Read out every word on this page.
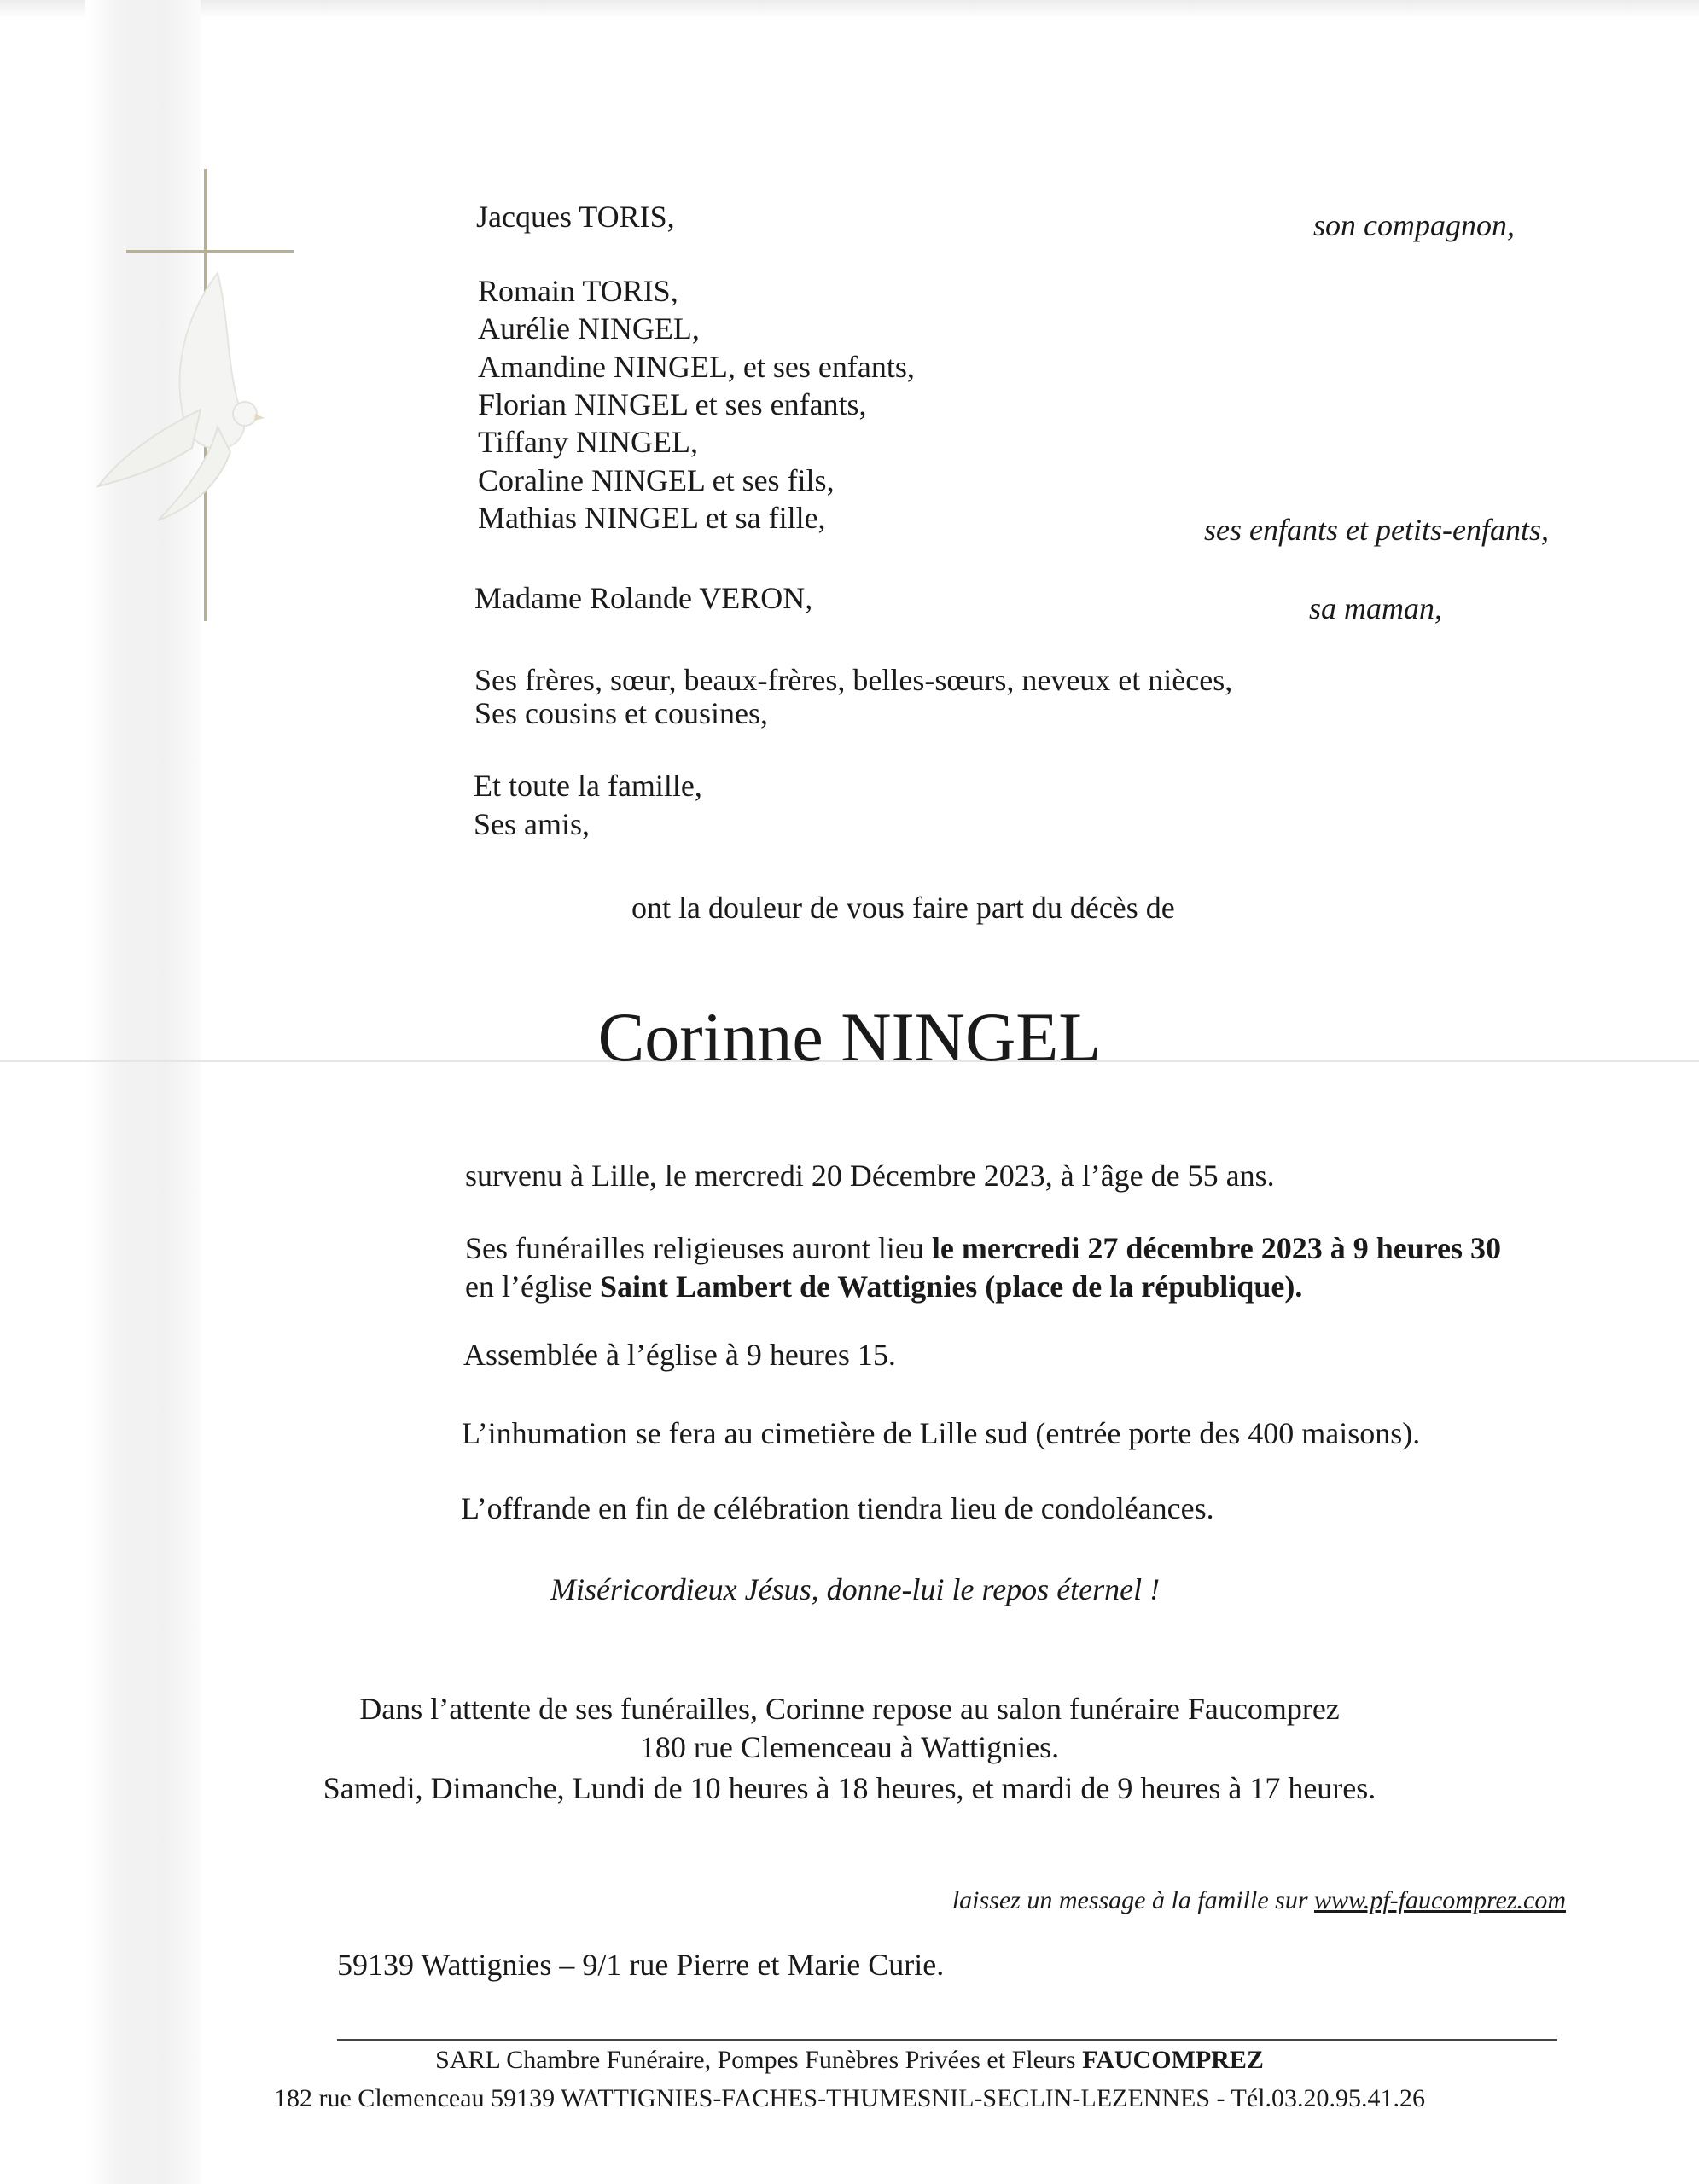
Jacques TORIS,	son compagnon,
Romain TORIS,
Aurélie NINGEL,
Amandine NINGEL, et ses enfants,
Florian NINGEL et ses enfants,
Tiffany NINGEL,
Coraline NINGEL et ses fils,
Mathias NINGEL et sa fille,	ses enfants et petits-enfants,
Madame Rolande VERON,	sa maman,
Ses frères, sœur, beaux-frères, belles-sœurs, neveux et nièces,
Ses cousins et cousines,
Et toute la famille,
Ses amis,
ont la douleur de vous faire part du décès de
Corinne NINGEL
survenu à Lille, le mercredi 20 Décembre 2023, à l’âge de 55 ans.
Ses funérailles religieuses auront lieu le mercredi 27 décembre 2023 à 9 heures 30
en l’église Saint Lambert de Wattignies (place de la république).
Assemblée à l’église à 9 heures 15.
L’inhumation se fera au cimetière de Lille sud (entrée porte des 400 maisons).
L’offrande en fin de célébration tiendra lieu de condoléances.
Miséricordieux Jésus, donne-lui le repos éternel !
Dans l’attente de ses funérailles, Corinne repose au salon funéraire Faucomprez
180 rue Clemenceau à Wattignies.
Samedi, Dimanche, Lundi de 10 heures à 18 heures, et mardi de 9 heures à 17 heures.
laissez un message à la famille sur www.pf-faucomprez.com
59139 Wattignies – 9/1 rue Pierre et Marie Curie.
SARL Chambre Funéraire, Pompes Funèbres Privées et Fleurs FAUCOMPREZ
182 rue Clemenceau 59139 WATTIGNIES-FACHES-THUMESNIL-SECLIN-LEZENNES - Tél.03.20.95.41.26
